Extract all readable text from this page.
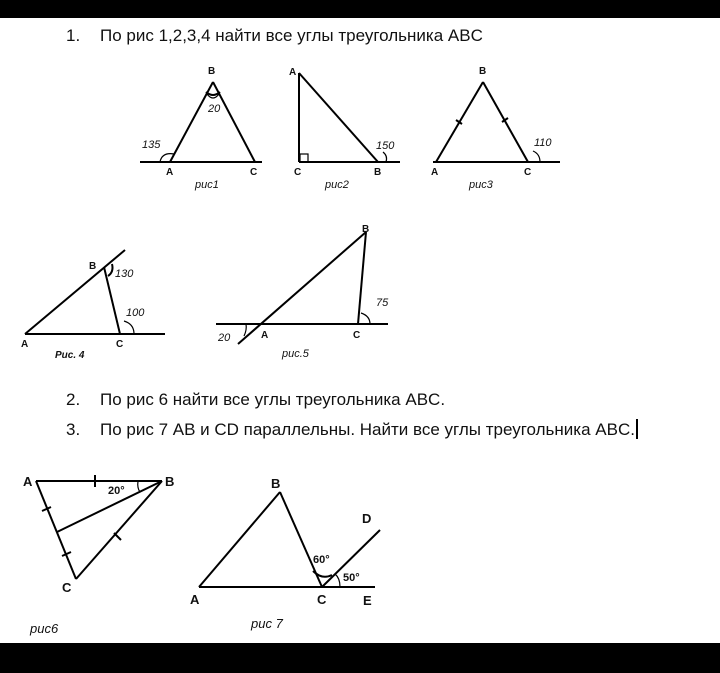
1. По рис 1,2,3,4 найти все углы треугольника ABC
2. По рис 6 найти все углы треугольника ABC.
3. По рис 7 AB и CD параллельны. Найти все углы треугольника ABC.
B
A	C
20
135
рис1
A
C	B
150
рис2
B
A	C
110
рис3
B
A	C
130
100
Рис. 4
B
A	C
20
75
рис.5
A	B
C
20°
рис6
B
A	C
D
E
60°
50°
рис 7
